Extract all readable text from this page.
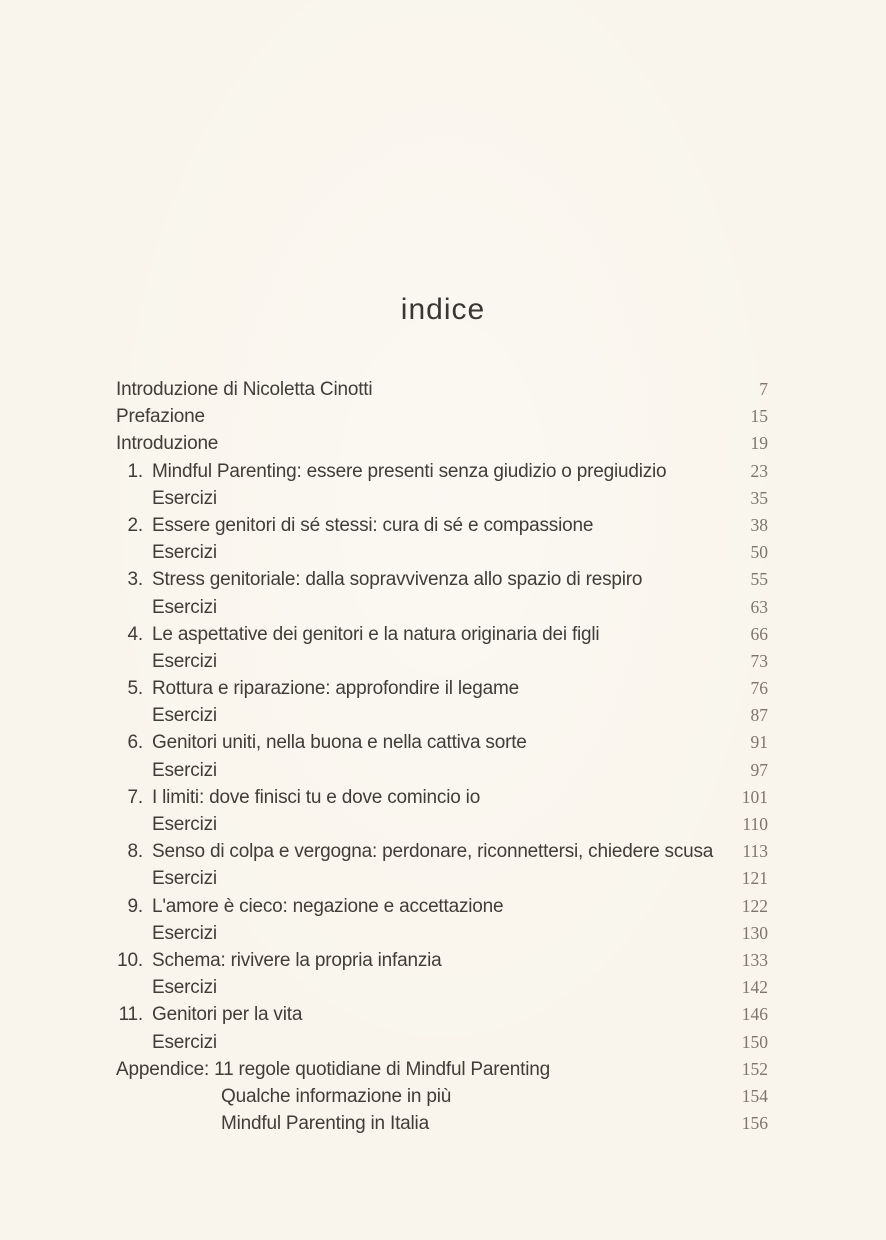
indice
Introduzione di Nicoletta Cinotti	7
Prefazione	15
Introduzione	19
1. Mindful Parenting: essere presenti senza giudizio o pregiudizio	23
Esercizi	35
2. Essere genitori di sé stessi: cura di sé e compassione	38
Esercizi	50
3. Stress genitoriale: dalla sopravvivenza allo spazio di respiro	55
Esercizi	63
4. Le aspettative dei genitori e la natura originaria dei figli	66
Esercizi	73
5. Rottura e riparazione: approfondire il legame	76
Esercizi	87
6. Genitori uniti, nella buona e nella cattiva sorte	91
Esercizi	97
7. I limiti: dove finisci tu e dove comincio io	101
Esercizi	110
8. Senso di colpa e vergogna: perdonare, riconnettersi, chiedere scusa	113
Esercizi	121
9. L'amore è cieco: negazione e accettazione	122
Esercizi	130
10. Schema: rivivere la propria infanzia	133
Esercizi	142
11. Genitori per la vita	146
Esercizi	150
Appendice: 11 regole quotidiane di Mindful Parenting	152
Qualche informazione in più	154
Mindful Parenting in Italia	156
